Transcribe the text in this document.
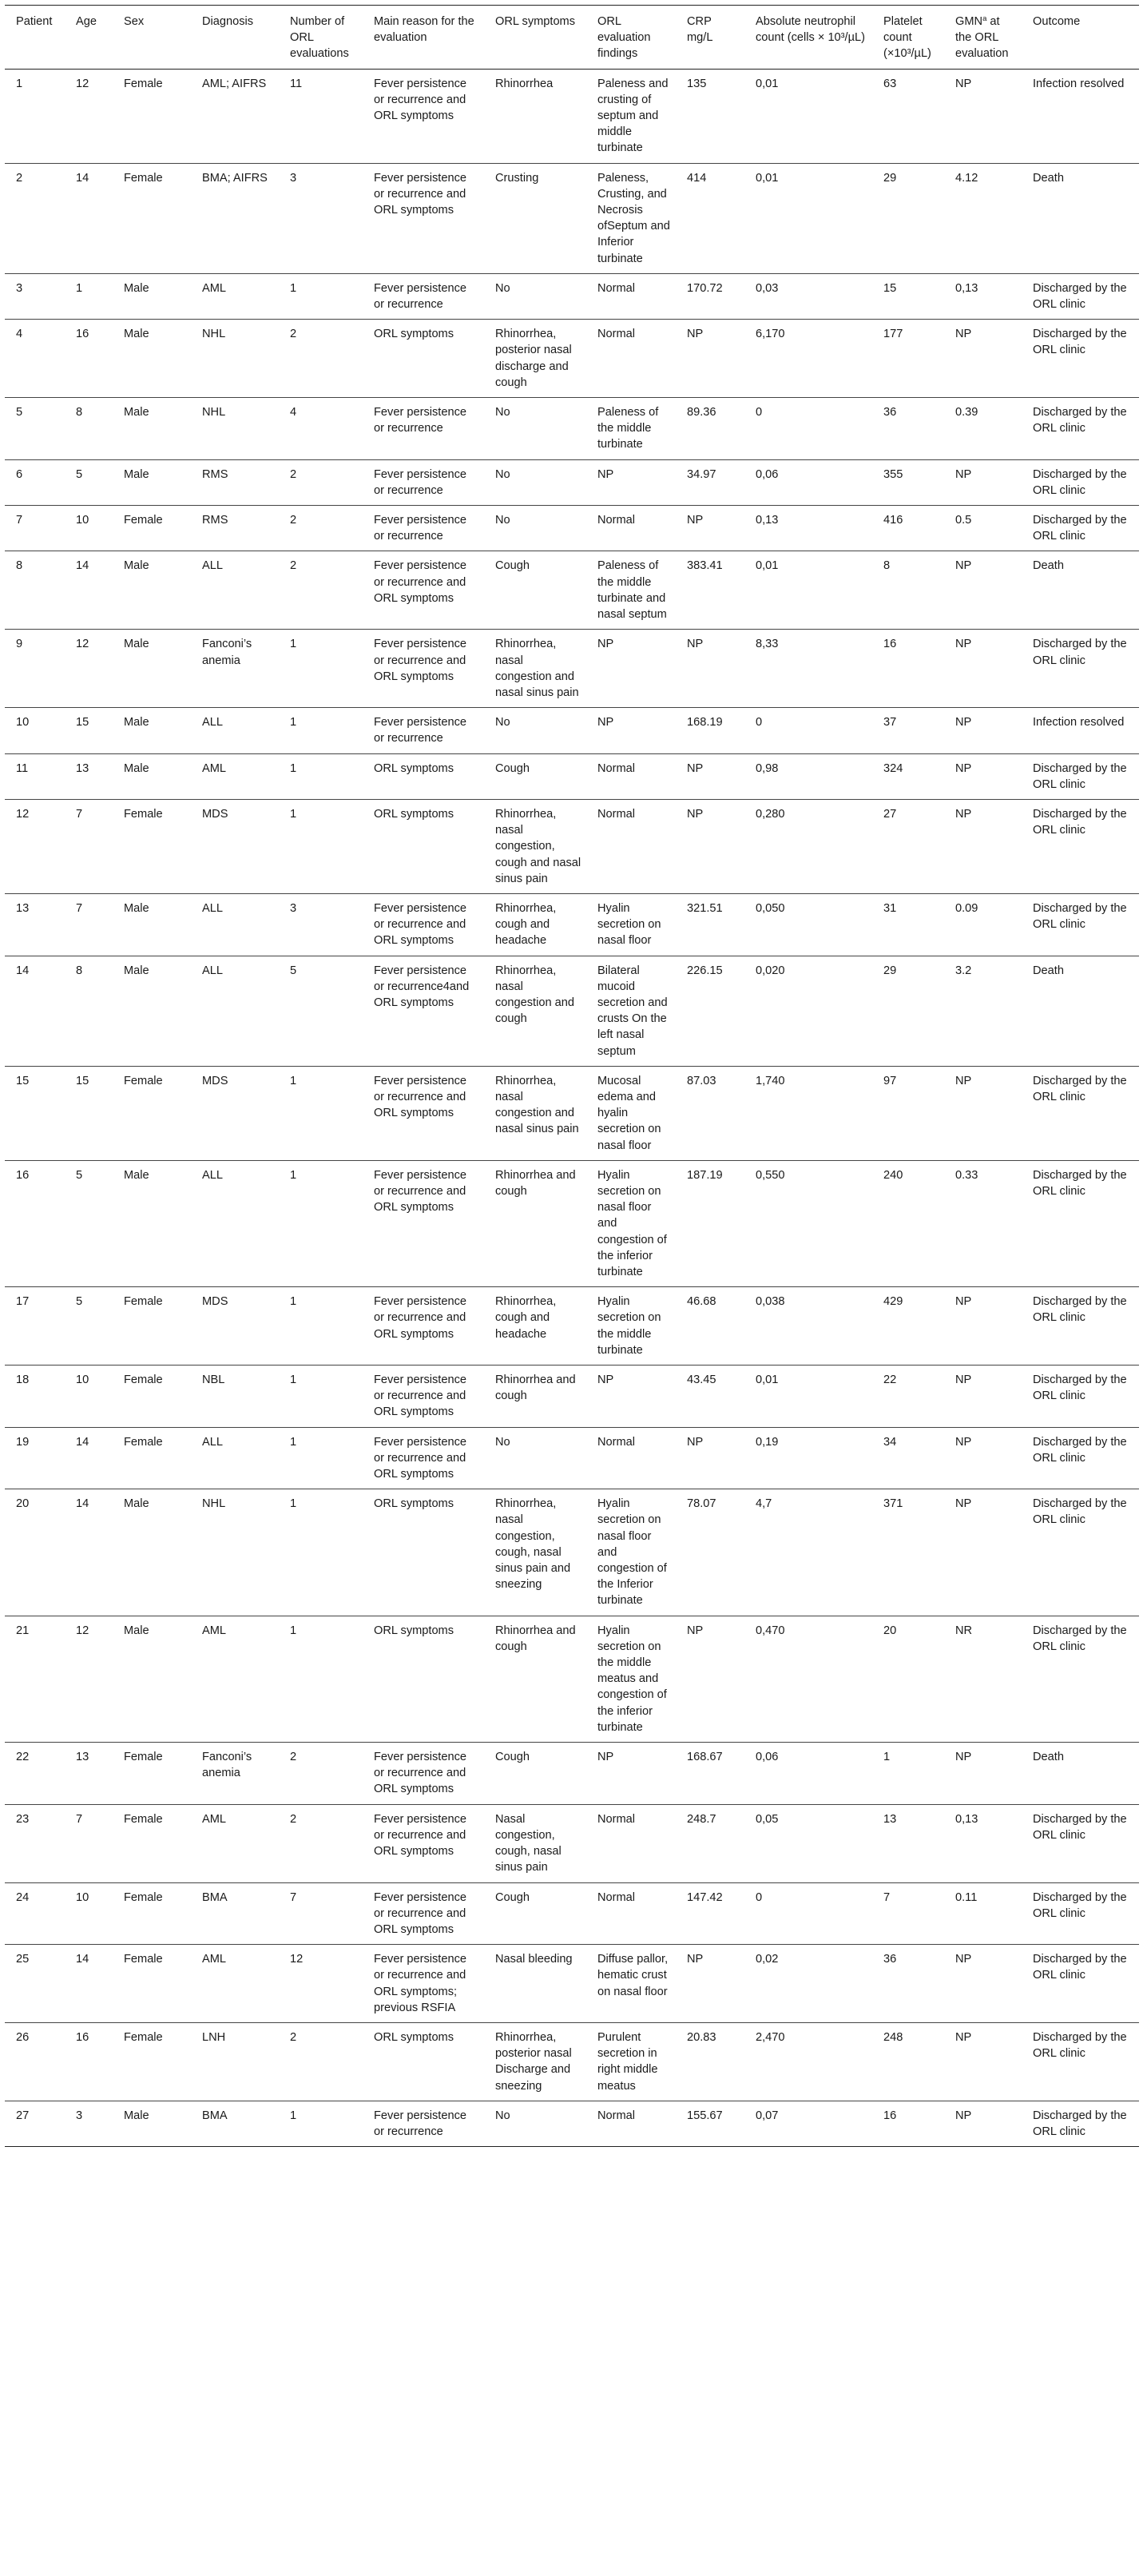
Patient	Age	Sex	Diagnosis	Number of ORL evaluations	Main reason for the evaluation	ORL symptoms	ORL evaluation findings	CRP mg/L	Absolute neutrophil count (cells × 10³/µL)	Platelet count (×10³/µL)	GMN$^a$ at the ORL evaluation	Outcome
1	12	Female	AML; AIFRS	11	Fever persistence or recurrence and ORL symptoms	Rhinorrhea	Paleness and crusting of septum and middle turbinate	135	0,01	63	NP	Infection resolved
2	14	Female	BMA; AIFRS	3	Fever persistence or recurrence and ORL symptoms	Crusting	Paleness, Crusting, and Necrosis ofSeptum and Inferior turbinate	414	0,01	29	4.12	Death
3	1	Male	AML	1	Fever persistence or recurrence	No	Normal	170.72	0,03	15	0,13	Discharged by the ORL clinic
4	16	Male	NHL	2	ORL symptoms	Rhinorrhea, posterior nasal discharge and cough	Normal	NP	6,170	177	NP	Discharged by the ORL clinic
5	8	Male	NHL	4	Fever persistence or recurrence	No	Paleness of the middle turbinate	89.36	0	36	0.39	Discharged by the ORL clinic
6	5	Male	RMS	2	Fever persistence or recurrence	No	NP	34.97	0,06	355	NP	Discharged by the ORL clinic
7	10	Female	RMS	2	Fever persistence or recurrence	No	Normal	NP	0,13	416	0.5	Discharged by the ORL clinic
8	14	Male	ALL	2	Fever persistence or recurrence and ORL symptoms	Cough	Paleness of the middle turbinate and nasal septum	383.41	0,01	8	NP	Death
9	12	Male	Fanconi’s anemia	1	Fever persistence or recurrence and ORL symptoms	Rhinorrhea, nasal congestion and nasal sinus pain	NP	NP	8,33	16	NP	Discharged by the ORL clinic
10	15	Male	ALL	1	Fever persistence or recurrence	No	NP	168.19	0	37	NP	Infection resolved
11	13	Male	AML	1	ORL symptoms	Cough	Normal	NP	0,98	324	NP	Discharged by the ORL clinic
12	7	Female	MDS	1	ORL symptoms	Rhinorrhea, nasal congestion, cough and nasal sinus pain	Normal	NP	0,280	27	NP	Discharged by the ORL clinic
13	7	Male	ALL	3	Fever persistence or recurrence and ORL symptoms	Rhinorrhea, cough and headache	Hyalin secretion on nasal floor	321.51	0,050	31	0.09	Discharged by the ORL clinic
14	8	Male	ALL	5	Fever persistence or recurrence4and ORL symptoms	Rhinorrhea, nasal congestion and cough	Bilateral mucoid secretion and crusts On the left nasal septum	226.15	0,020	29	3.2	Death
15	15	Female	MDS	1	Fever persistence or recurrence and ORL symptoms	Rhinorrhea, nasal congestion and nasal sinus pain	Mucosal edema and hyalin secretion on nasal floor	87.03	1,740	97	NP	Discharged by the ORL clinic
16	5	Male	ALL	1	Fever persistence or recurrence and ORL symptoms	Rhinorrhea and cough	Hyalin secretion on nasal floor and congestion of the inferior turbinate	187.19	0,550	240	0.33	Discharged by the ORL clinic
17	5	Female	MDS	1	Fever persistence or recurrence and ORL symptoms	Rhinorrhea, cough and headache	Hyalin secretion on the middle turbinate	46.68	0,038	429	NP	Discharged by the ORL clinic
18	10	Female	NBL	1	Fever persistence or recurrence and ORL symptoms	Rhinorrhea and cough	NP	43.45	0,01	22	NP	Discharged by the ORL clinic
19	14	Female	ALL	1	Fever persistence or recurrence and ORL symptoms	No	Normal	NP	0,19	34	NP	Discharged by the ORL clinic
20	14	Male	NHL	1	ORL symptoms	Rhinorrhea, nasal congestion, cough, nasal sinus pain and sneezing	Hyalin secretion on nasal floor and congestion of the Inferior turbinate	78.07	4,7	371	NP	Discharged by the ORL clinic
21	12	Male	AML	1	ORL symptoms	Rhinorrhea and cough	Hyalin secretion on the middle meatus and congestion of the inferior turbinate	NP	0,470	20	NR	Discharged by the ORL clinic
22	13	Female	Fanconi’s anemia	2	Fever persistence or recurrence and ORL symptoms	Cough	NP	168.67	0,06	1	NP	Death
23	7	Female	AML	2	Fever persistence or recurrence and ORL symptoms	Nasal congestion, cough, nasal sinus pain	Normal	248.7	0,05	13	0,13	Discharged by the ORL clinic
24	10	Female	BMA	7	Fever persistence or recurrence and ORL symptoms	Cough	Normal	147.42	0	7	0.11	Discharged by the ORL clinic
25	14	Female	AML	12	Fever persistence or recurrence and ORL symptoms; previous RSFIA	Nasal bleeding	Diffuse pallor, hematic crust on nasal floor	NP	0,02	36	NP	Discharged by the ORL clinic
26	16	Female	LNH	2	ORL symptoms	Rhinorrhea, posterior nasal Discharge and sneezing	Purulent secretion in right middle meatus	20.83	2,470	248	NP	Discharged by the ORL clinic
27	3	Male	BMA	1	Fever persistence or recurrence	No	Normal	155.67	0,07	16	NP	Discharged by the ORL clinic
